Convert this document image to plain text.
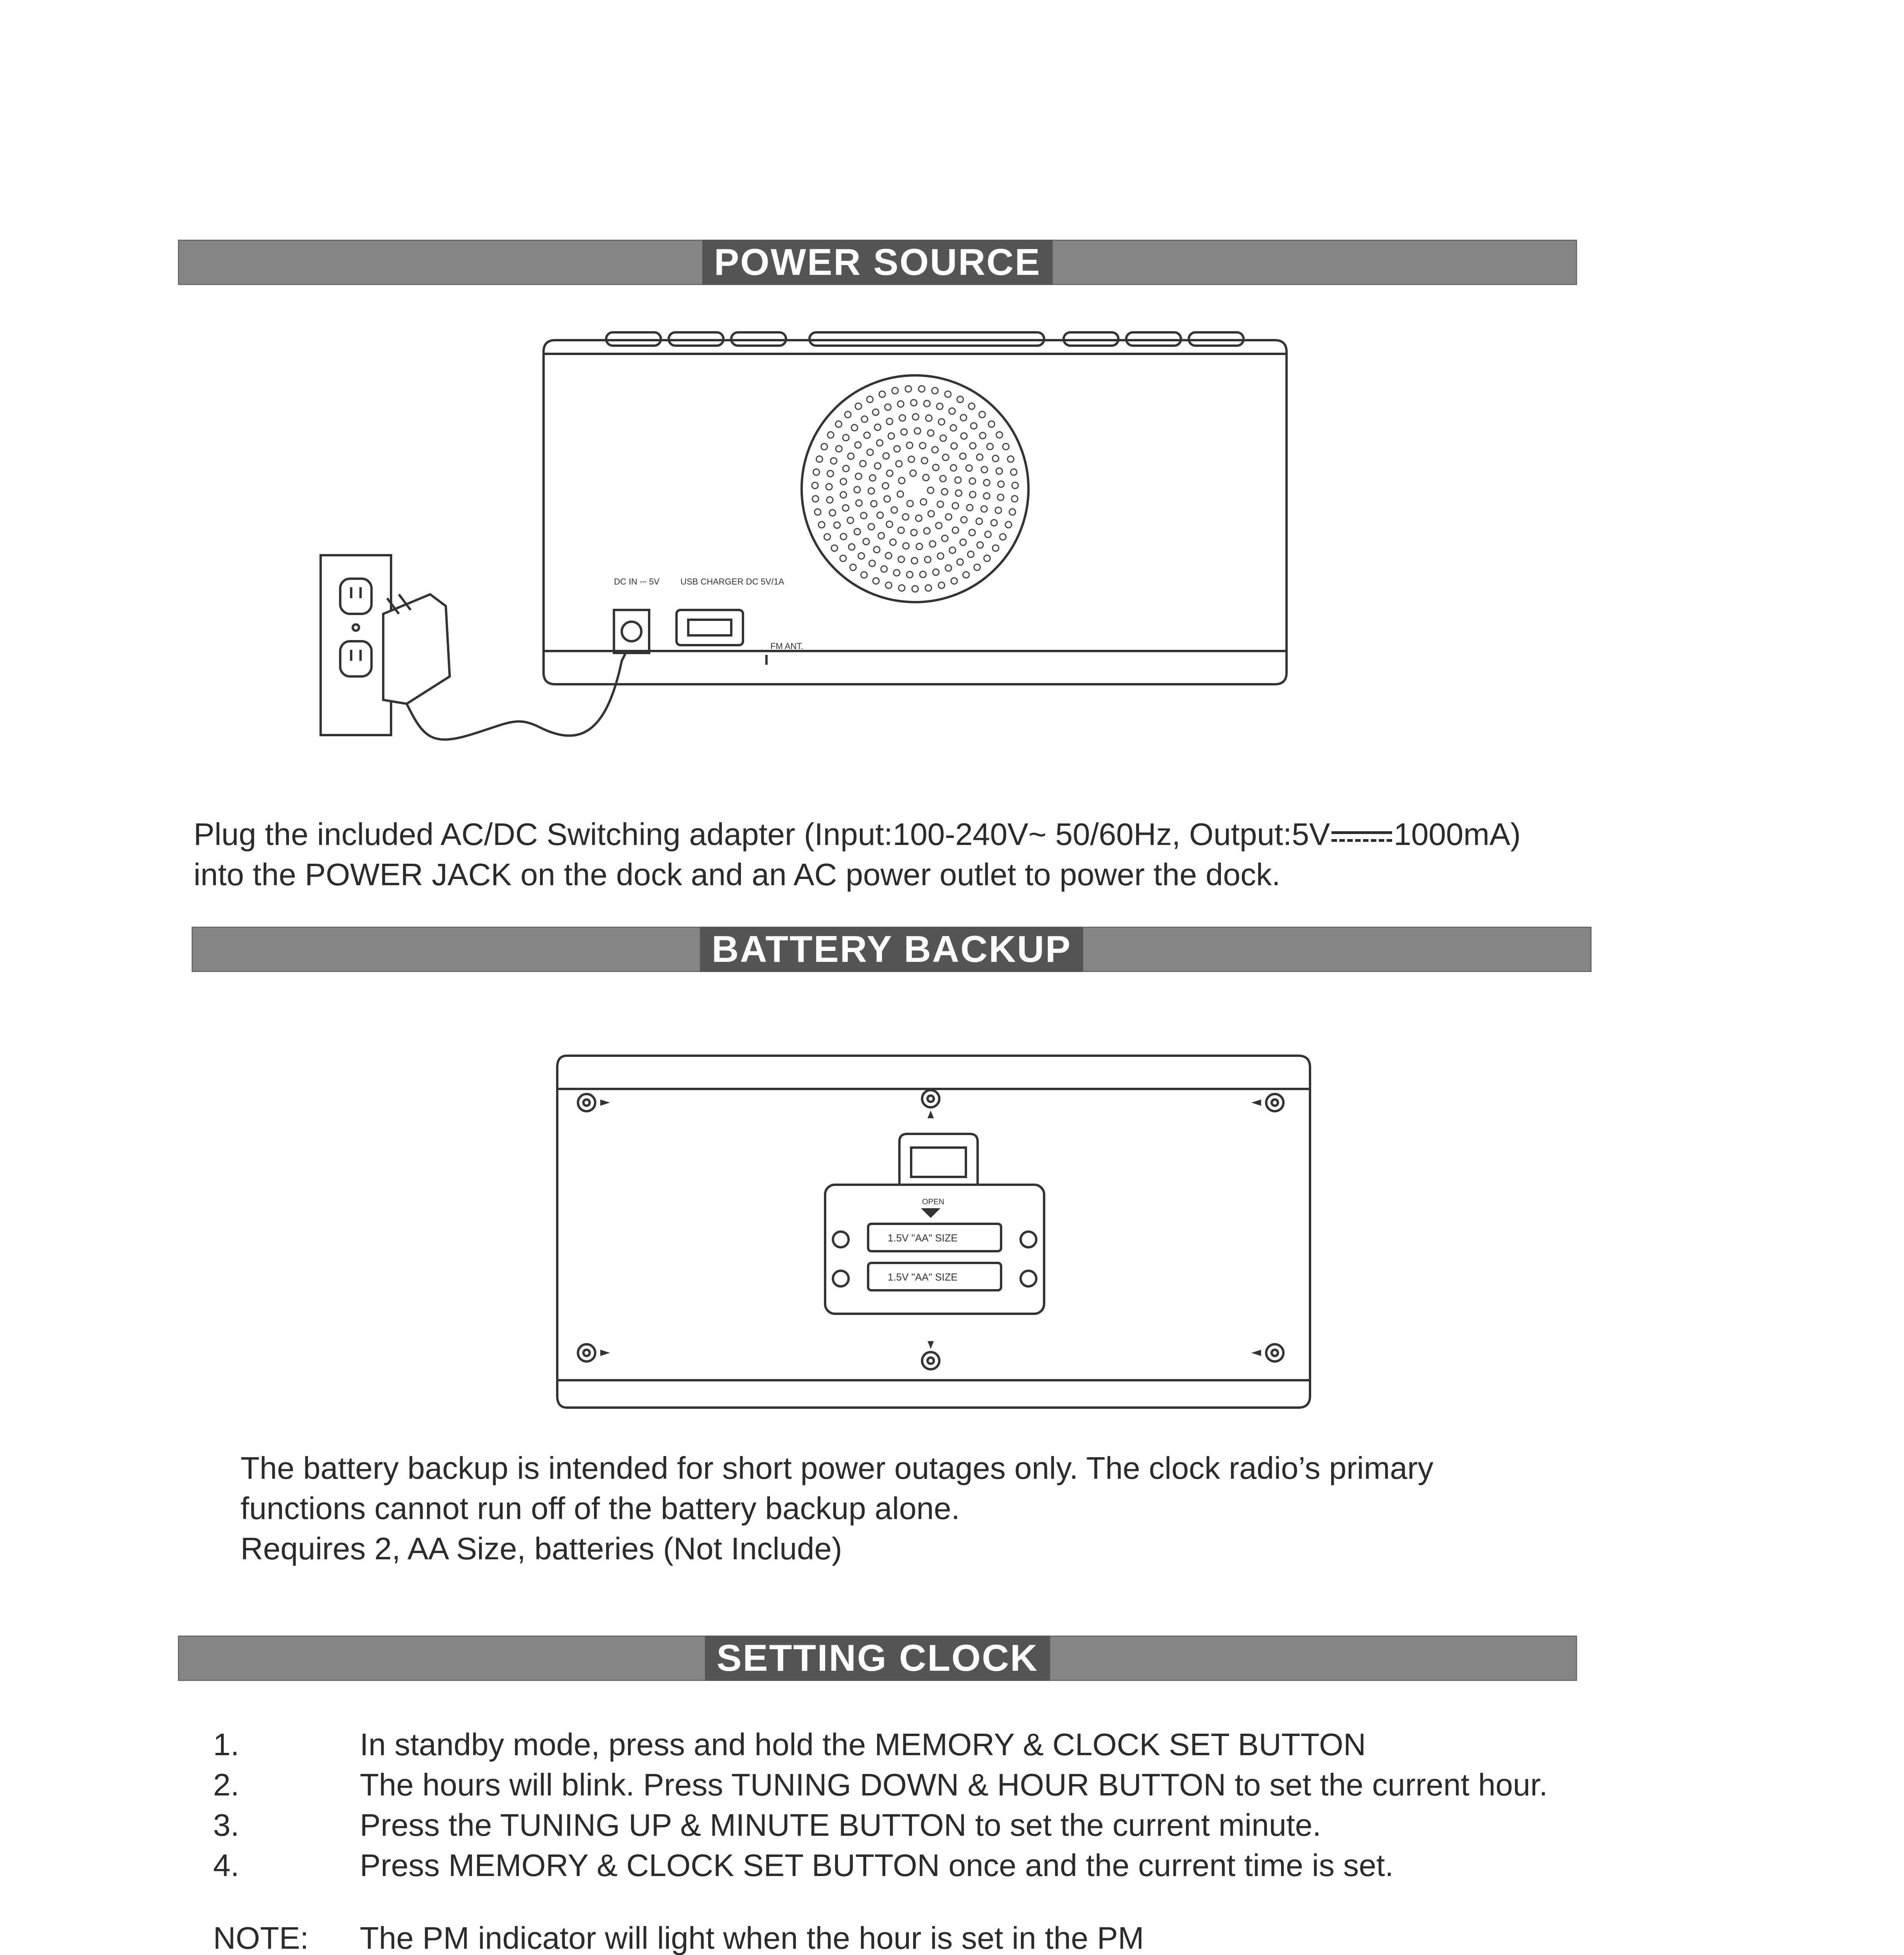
POWER SOURCE
DC IN ⎓ 5V USB CHARGER DC 5V/1A
FM ANT.
Plug the included AC/DC Switching adapter (Input:100-240V~ 50/60Hz, Output:5V 1000mA)
into the POWER JACK on the dock and an AC power outlet to power the dock.
BATTERY BACKUP
OPEN
1.5V "AA" SIZE
1.5V "AA" SIZE
The battery backup is intended for short power outages only. The clock radio’s primary
functions cannot run off of the battery backup alone.
Requires 2, AA Size, batteries (Not Include)
SETTING CLOCK
1.	In standby mode, press and hold the MEMORY & CLOCK SET BUTTON
2.	The hours will blink. Press TUNING DOWN & HOUR BUTTON to set the current hour.
3.	Press the TUNING UP & MINUTE BUTTON to set the current minute.
4.	Press MEMORY & CLOCK SET BUTTON once and the current time is set.
NOTE: The PM indicator will light when the hour is set in the PM
